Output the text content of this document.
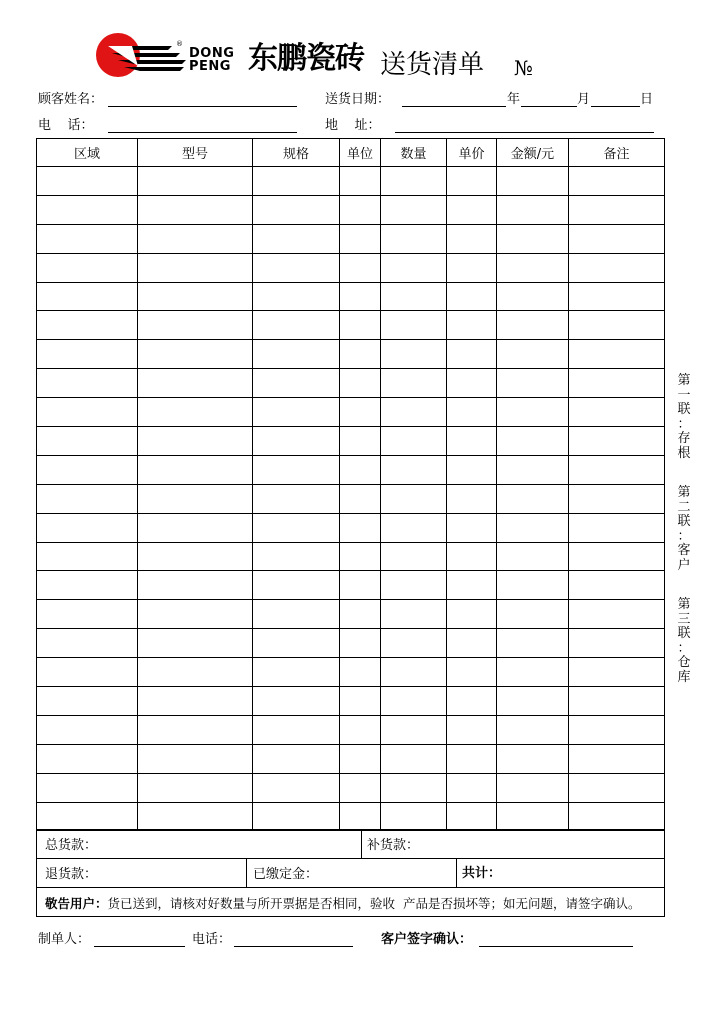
®
DONG
PENG 东鹏瓷砖 送货清单 №
顾客姓名：	送货日期：	年	月	日
电    话：	地    址：
区域	型号	规格	单位	数量	单价	金额/元	备注

总货款：	补货款：
退货款：	已缴定金：	共计：
敬告用户：货已送到，请核对好数量与所开票据是否相同，验收  产品是否损坏等；如无问题，请签字确认。
制单人：	电话：	客户签字确认：
第
一
联
：
存
根
第
二
联
：
客
户
第
三
联
：
仓
库
